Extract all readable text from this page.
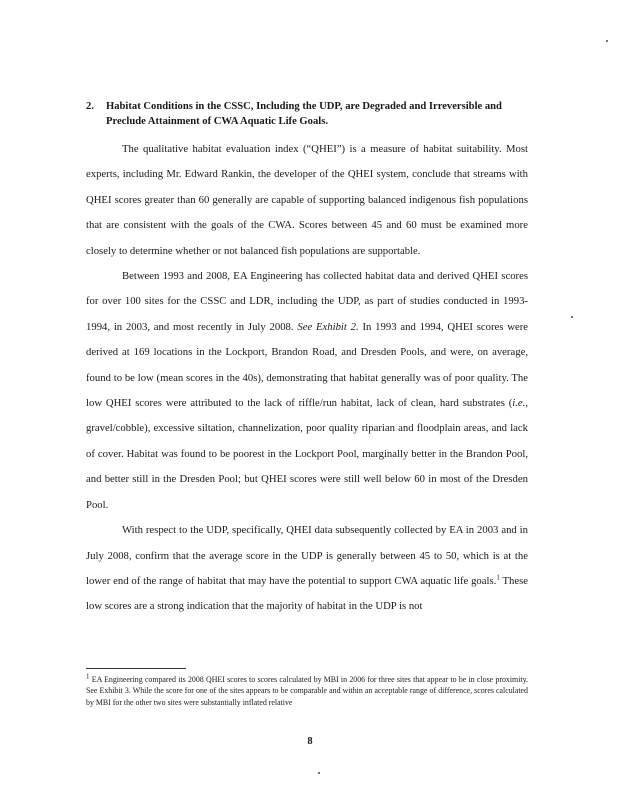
2. Habitat Conditions in the CSSC, Including the UDP, are Degraded and Irreversible and Preclude Attainment of CWA Aquatic Life Goals.

The qualitative habitat evaluation index (“QHEI”) is a measure of habitat suitability. Most experts, including Mr. Edward Rankin, the developer of the QHEI system, conclude that streams with QHEI scores greater than 60 generally are capable of supporting balanced indigenous fish populations that are consistent with the goals of the CWA. Scores between 45 and 60 must be examined more closely to determine whether or not balanced fish populations are supportable.

Between 1993 and 2008, EA Engineering has collected habitat data and derived QHEI scores for over 100 sites for the CSSC and LDR, including the UDP, as part of studies conducted in 1993-1994, in 2003, and most recently in July 2008. See Exhibit 2. In 1993 and 1994, QHEI scores were derived at 169 locations in the Lockport, Brandon Road, and Dresden Pools, and were, on average, found to be low (mean scores in the 40s), demonstrating that habitat generally was of poor quality. The low QHEI scores were attributed to the lack of riffle/run habitat, lack of clean, hard substrates (i.e., gravel/cobble), excessive siltation, channelization, poor quality riparian and floodplain areas, and lack of cover. Habitat was found to be poorest in the Lockport Pool, marginally better in the Brandon Pool, and better still in the Dresden Pool; but QHEI scores were still well below 60 in most of the Dresden Pool.

With respect to the UDP, specifically, QHEI data subsequently collected by EA in 2003 and in July 2008, confirm that the average score in the UDP is generally between 45 to 50, which is at the lower end of the range of habitat that may have the potential to support CWA aquatic life goals.$^1$ These low scores are a strong indication that the majority of habitat in the UDP is not

$^1$ EA Engineering compared its 2008 QHEI scores to scores calculated by MBI in 2006 for three sites that appear to be in close proximity. See Exhibit 3. While the score for one of the sites appears to be comparable and within an acceptable range of difference, scores calculated by MBI for the other two sites were substantially inflated relative
8
